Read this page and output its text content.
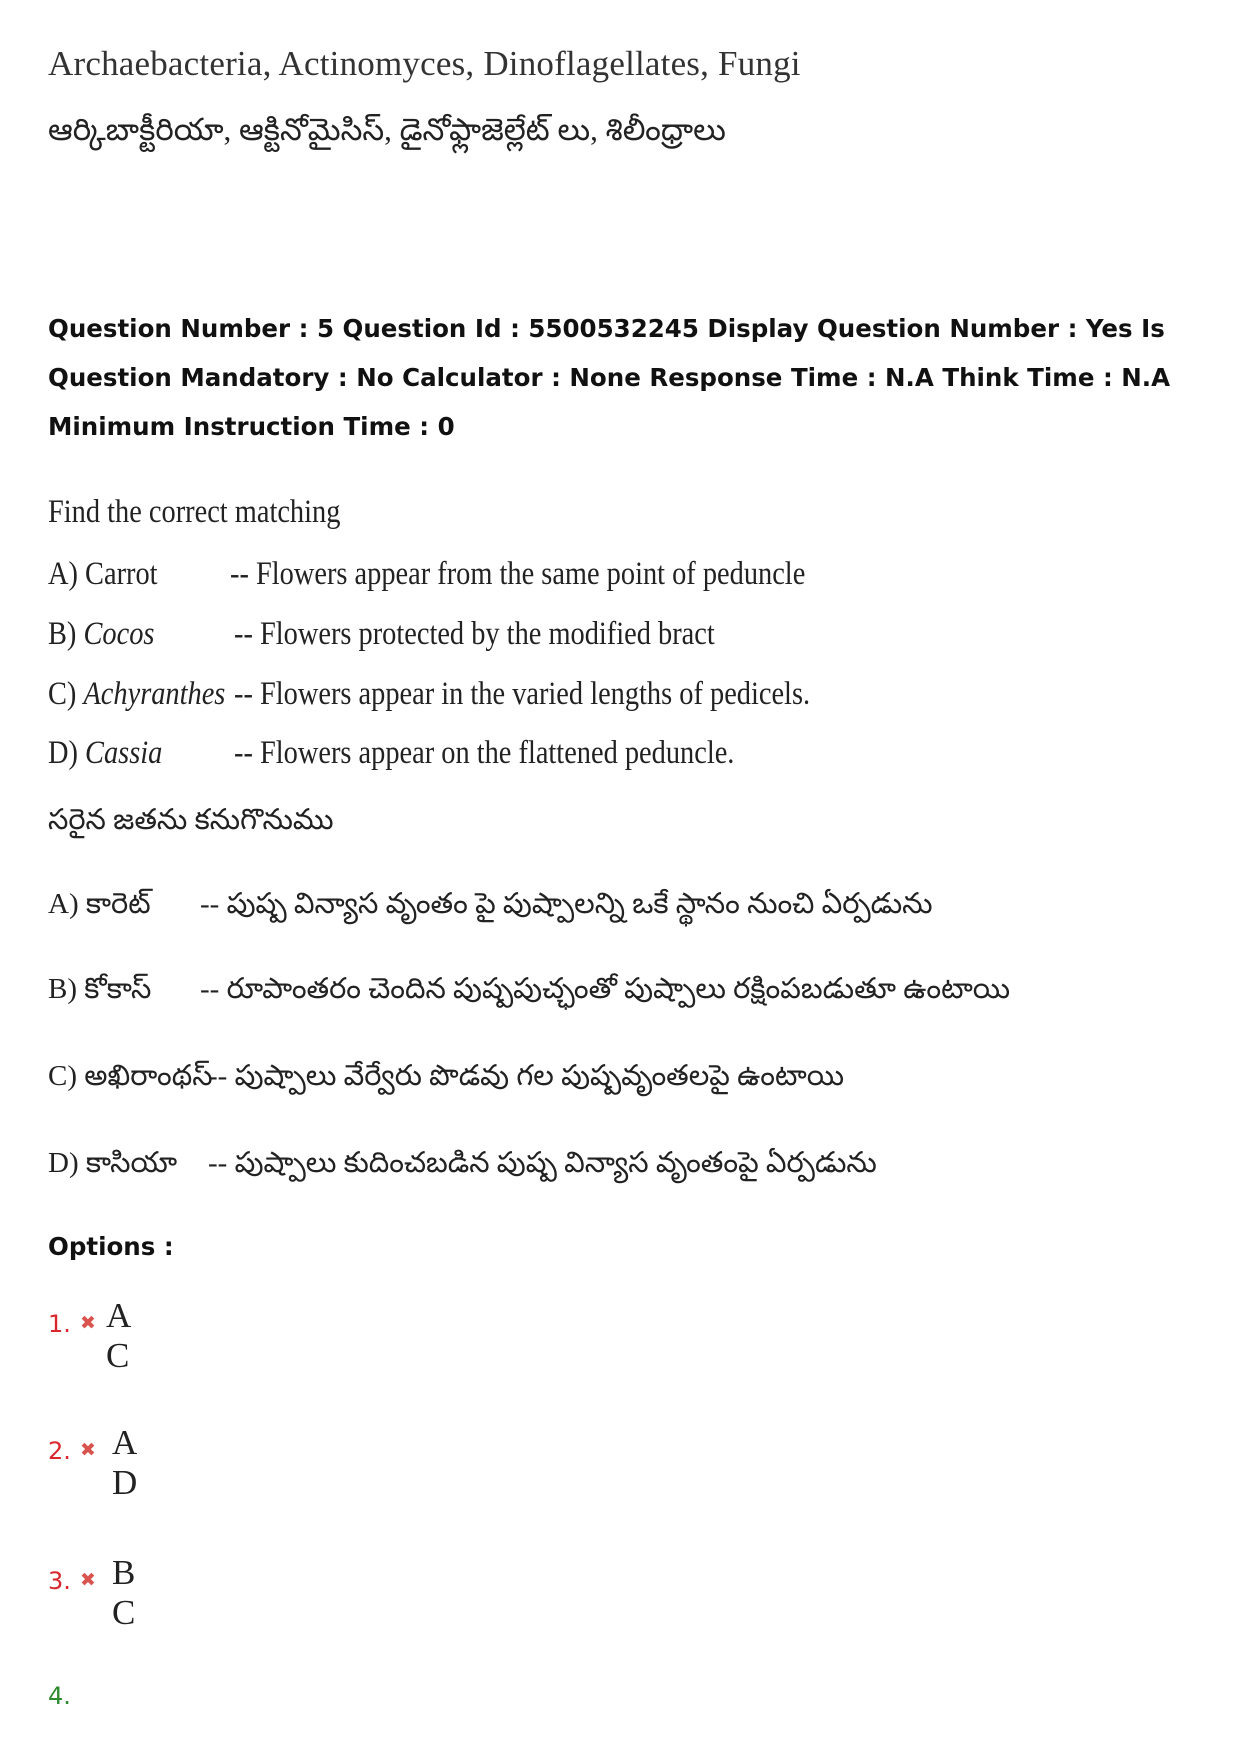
Archaebacteria, Actinomyces, Dinoflagellates, Fungi
ఆర్కిబాక్టీరియా, ఆక్టినోమైసిస్, డైనోఫ్లాజెల్లేట్ లు, శిలీంధ్రాలు
Question Number : 5 Question Id : 5500532245 Display Question Number : Yes Is Question Mandatory : No Calculator : None Response Time : N.A Think Time : N.A Minimum Instruction Time : 0
Find the correct matching
A) Carrot -- Flowers appear from the same point of peduncle
B) Cocos -- Flowers protected by the modified bract
C) Achyranthes -- Flowers appear in the varied lengths of pedicels.
D) Cassia -- Flowers appear on the flattened peduncle.
సరైన జతను కనుగొనుము
A) కారెట్ -- పుష్ప విన్యాస వృంతం పై పుష్పాలన్ని ఒకే స్థానం నుంచి ఏర్పడును
B) కోకాస్ -- రూపాంతరం చెందిన పుష్పపుచ్ఛంతో పుష్పాలు రక్షింపబడుతూ ఉంటాయి
C) అఖిరాంథస్
-- పుష్పాలు వేర్వేరు పొడవు గల పుష్పవృంతలపై ఉంటాయి
D) కాసియా -- పుష్పాలు కుదించబడిన పుష్ప విన్యాస వృంతంపై ఏర్పడును
Options :
1. ✖ A C
2. ✖ A D
3. ✖ B C
4.
